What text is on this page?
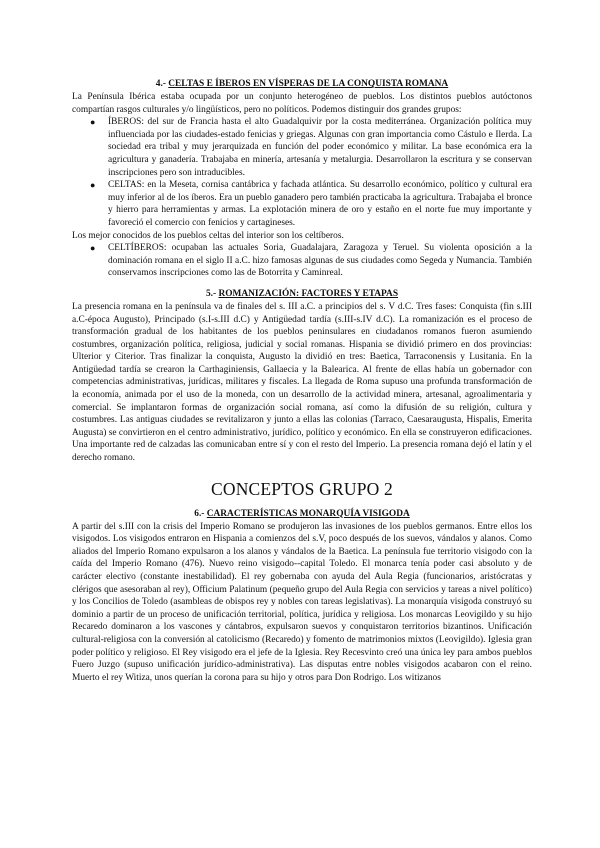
4.- CELTAS E ÍBEROS EN VÍSPERAS DE LA CONQUISTA ROMANA

La Península Ibérica estaba ocupada por un conjunto heterogéneo de pueblos. Los distintos pueblos autóctonos compartían rasgos culturales y/o lingüísticos, pero no políticos. Podemos distinguir dos grandes grupos:

● ÍBEROS: del sur de Francia hasta el alto Guadalquivir por la costa mediterránea. Organización política muy influenciada por las ciudades-estado fenicias y griegas. Algunas con gran importancia como Cástulo e Ilerda. La sociedad era tribal y muy jerarquizada en función del poder económico y militar. La base económica era la agricultura y ganadería. Trabajaba en minería, artesanía y metalurgia. Desarrollaron la escritura y se conservan inscripciones pero son intraducibles.
● CELTAS: en la Meseta, cornisa cantábrica y fachada atlántica. Su desarrollo económico, político y cultural era muy inferior al de los íberos. Era un pueblo ganadero pero también practicaba la agricultura. Trabajaba el bronce y hierro para herramientas y armas. La explotación minera de oro y estaño en el norte fue muy importante y favoreció el comercio con fenicios y cartagineses.

Los mejor conocidos de los pueblos celtas del interior son los celtíberos.

● CELTÍBEROS: ocupaban las actuales Soria, Guadalajara, Zaragoza y Teruel. Su violenta oposición a la dominación romana en el siglo II a.C. hizo famosas algunas de sus ciudades como Segeda y Numancia. También conservamos inscripciones como las de Botorrita y Caminreal.
5.- ROMANIZACIÓN: FACTORES Y ETAPAS

La presencia romana en la península va de finales del s. III a.C. a principios del s. V d.C. Tres fases: Conquista (fin s.III a.C-época Augusto), Principado (s.I-s.III d.C) y Antigüedad tardía (s.III-s.IV d.C). La romanización es el proceso de transformación gradual de los habitantes de los pueblos peninsulares en ciudadanos romanos fueron asumiendo costumbres, organización política, religiosa, judicial y social romanas. Hispania se dividió primero en dos provincias: Ulterior y Citerior. Tras finalizar la conquista, Augusto la dividió en tres: Baetica, Tarraconensis y Lusitania. En la Antigüedad tardía se crearon la Carthaginiensis, Gallaecia y la Balearica. Al frente de ellas había un gobernador con competencias administrativas, jurídicas, militares y fiscales. La llegada de Roma supuso una profunda transformación de la economía, animada por el uso de la moneda, con un desarrollo de la actividad minera, artesanal, agroalimentaria y comercial. Se implantaron formas de organización social romana, así como la difusión de su religión, cultura y costumbres. Las antiguas ciudades se revitalizaron y junto a ellas las colonias (Tarraco, Caesaraugusta, Hispalis, Emerita Augusta) se convirtieron en el centro administrativo, jurídico, político y económico. En ella se construyeron edificaciones. Una importante red de calzadas las comunicaban entre sí y con el resto del Imperio. La presencia romana dejó el latín y el derecho romano.

CONCEPTOS GRUPO 2
6.- CARACTERÍSTICAS MONARQUÍA VISIGODA

A partir del s.III con la crisis del Imperio Romano se produjeron las invasiones de los pueblos germanos. Entre ellos los visigodos. Los visigodos entraron en Hispania a comienzos del s.V, poco después de los suevos, vándalos y alanos. Como aliados del Imperio Romano expulsaron a los alanos y vándalos de la Baetica. La península fue territorio visigodo con la caída del Imperio Romano (476). Nuevo reino visigodo--capital Toledo. El monarca tenía poder casi absoluto y de carácter electivo (constante inestabilidad). El rey gobernaba con ayuda del Aula Regia (funcionarios, aristócratas y clérigos que asesoraban al rey), Officium Palatinum (pequeño grupo del Aula Regia con servicios y tareas a nivel político) y los Concilios de Toledo (asambleas de obispos rey y nobles con tareas legislativas). La monarquía visigoda construyó su dominio a partir de un proceso de unificación territorial, política, jurídica y religiosa. Los monarcas Leovigildo y su hijo Recaredo dominaron a los vascones y cántabros, expulsaron suevos y conquistaron territorios bizantinos. Unificación cultural-religiosa con la conversión al catolicismo (Recaredo) y fomento de matrimonios mixtos (Leovigildo). Iglesia gran poder político y religioso. El Rey visigodo era el jefe de la Iglesia. Rey Recesvinto creó una única ley para ambos pueblos Fuero Juzgo (supuso unificación jurídico-administrativa). Las disputas entre nobles visigodos acabaron con el reino. Muerto el rey Witiza, unos querían la corona para su hijo y otros para Don Rodrigo. Los witizanos
